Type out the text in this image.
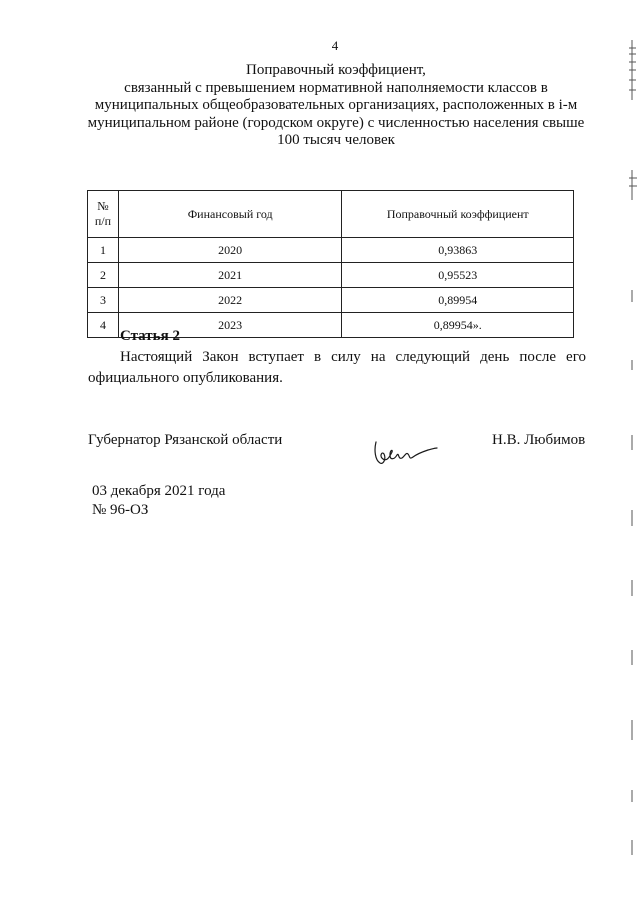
4
Поправочный коэффициент,
связанный с превышением нормативной наполняемости классов в
муниципальных общеобразовательных организациях, расположенных в i-м
муниципальном районе (городском округе) с численностью населения свыше
100 тысяч человек
№ п/п	Финансовый год	Поправочный коэффициент
1	2020	0,93863
2	2021	0,95523
3	2022	0,89954
4	2023	0,89954».
Статья 2
Настоящий Закон вступает в силу на следующий день после его официального опубликования.
Губернатор Рязанской области	Н.В. Любимов
03 декабря 2021 года
№ 96-ОЗ
